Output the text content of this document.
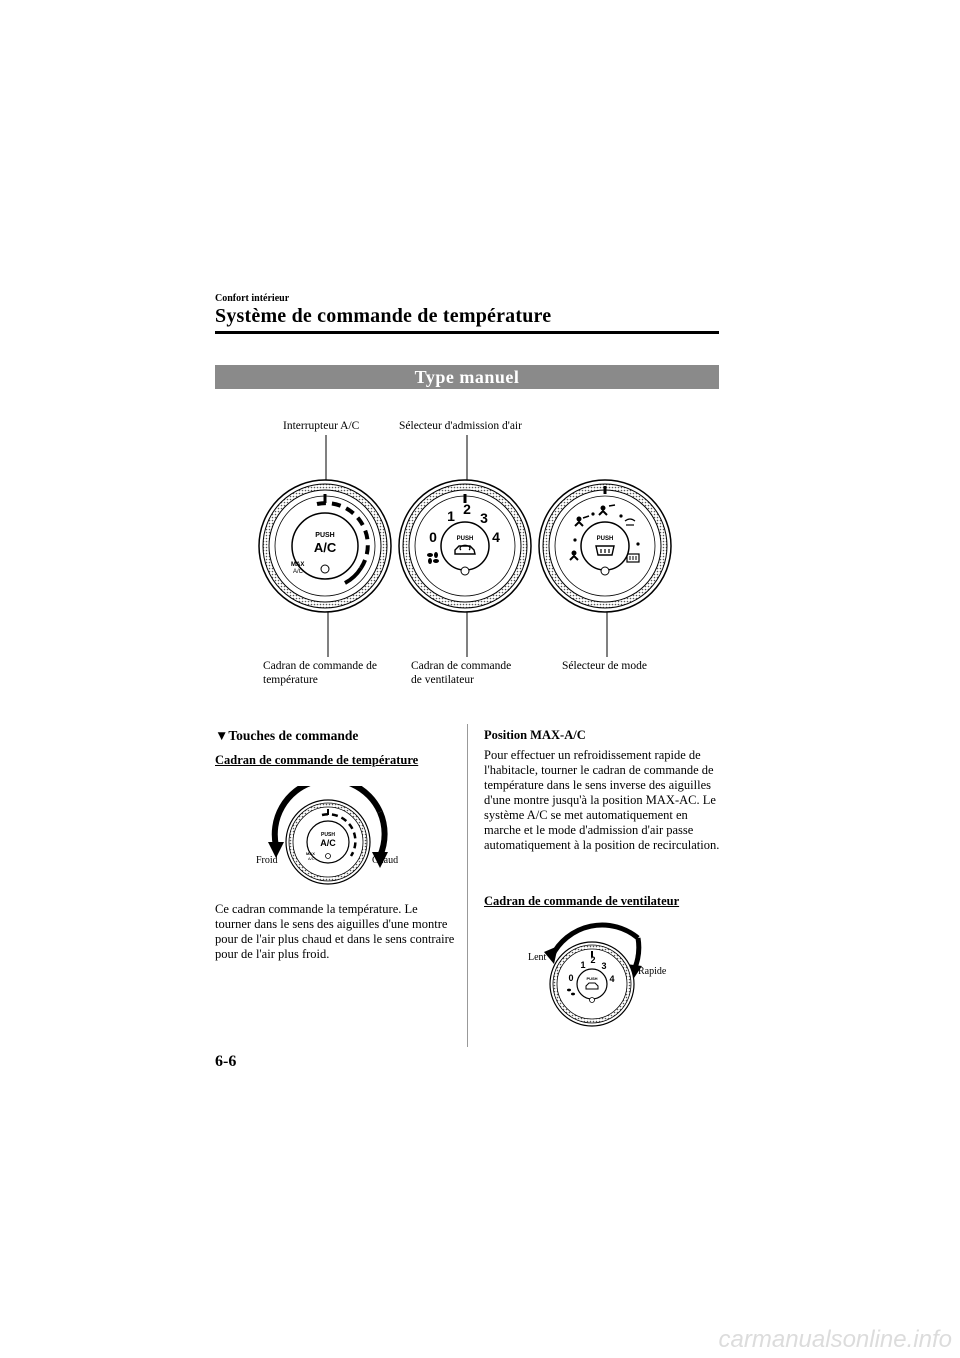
Confort intérieur
Système de commande de température
Type manuel
Interrupteur A/C	Sélecteur d'admission d'air
PUSH
A/C
MAX
A/C
0
1 2
3
4
PUSH	PUSH
Cadran de commande de
température
Cadran de commande
de ventilateur
Sélecteur de mode
▼Touches de commande
Cadran de commande de température
PUSH
A/C
MAX
A/C
Froid	Chaud
Ce cadran commande la température. Le tourner dans le sens des aiguilles d'une montre pour de l'air plus chaud et dans le sens contraire pour de l'air plus froid.
Position MAX-A/C
Pour effectuer un refroidissement rapide de l'habitacle, tourner le cadran de commande de température dans le sens inverse des aiguilles d'une montre jusqu'à la position MAX-AC. Le système A/C se met automatiquement en marche et le mode d'admission d'air passe automatiquement à la position de recirculation.
Cadran de commande de ventilateur
0
1 2
3
4
PUSH
Lent
Rapide
6-6
carmanualsonline.info
